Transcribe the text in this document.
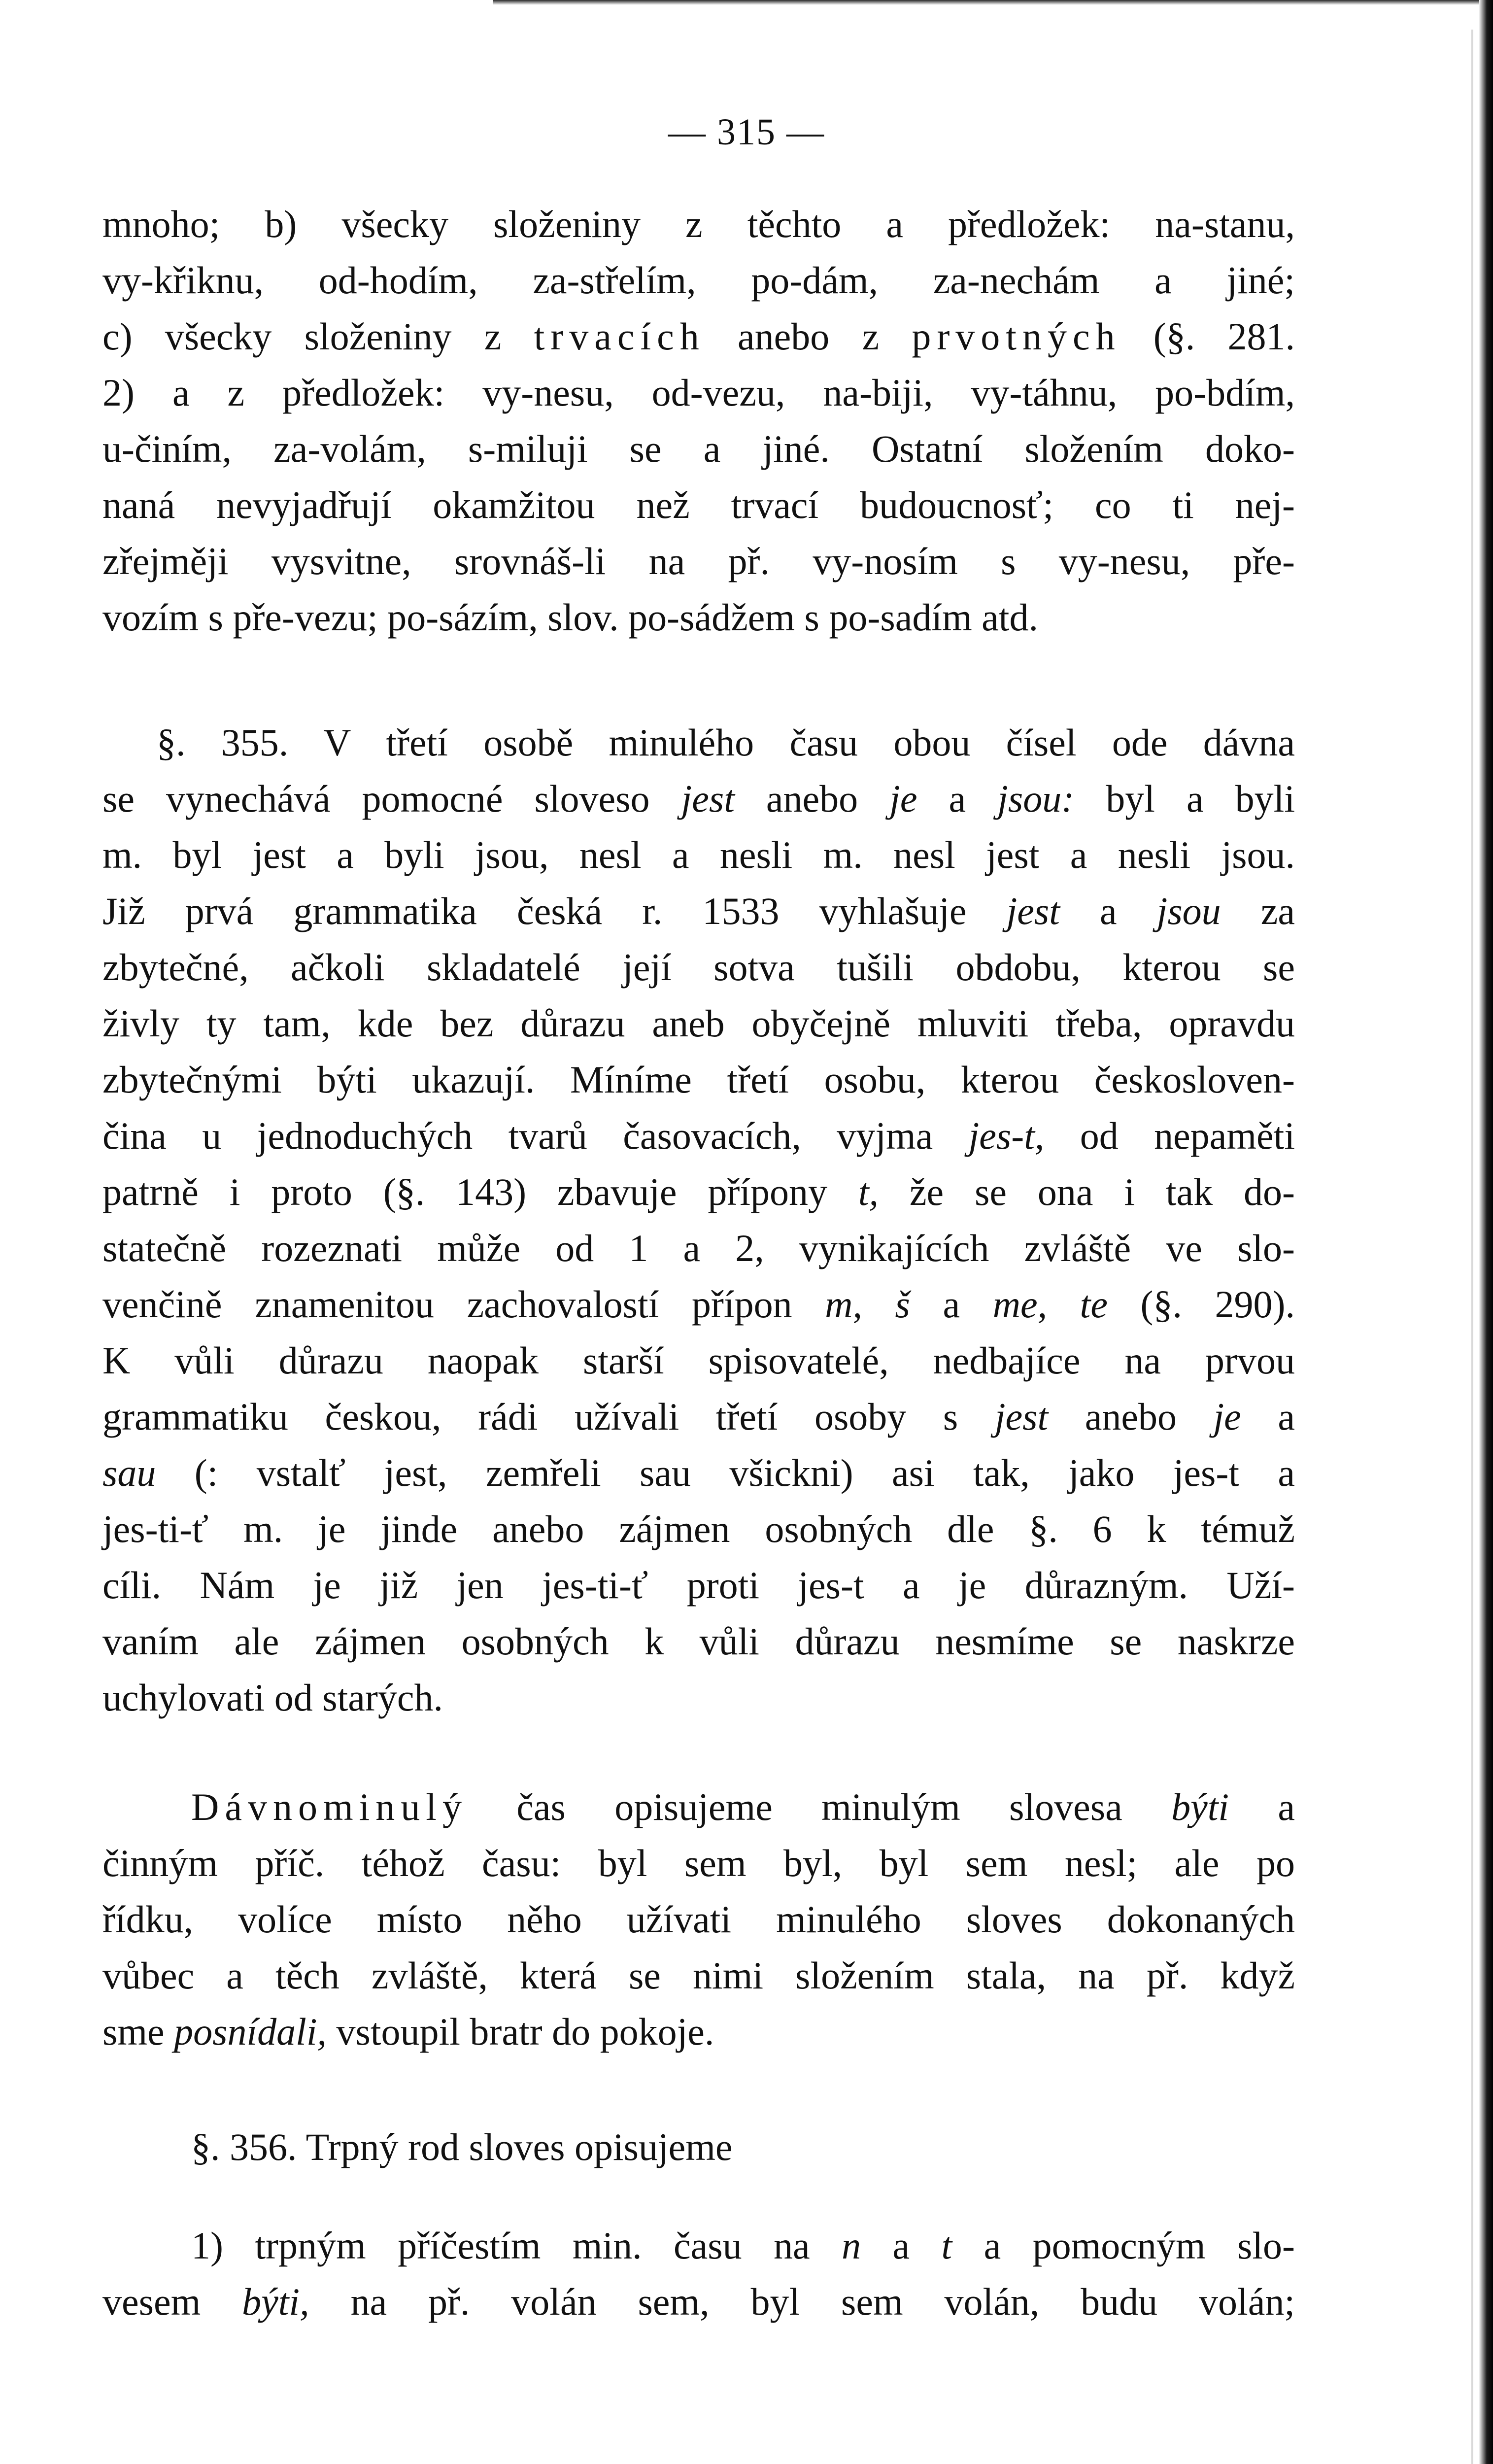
— 315 —
mnoho; b) všecky složeniny z těchto a předložek: na-stanu,
vy-křiknu, od-hodím, za-střelím, po-dám, za-nechám a jiné;
c) všecky složeniny z trvacích anebo z prvotných (§. 281.
2) a z předložek: vy-nesu, od-vezu, na-biji, vy-táhnu, po-bdím,
u-činím, za-volám, s-miluji se a jiné. Ostatní složením doko-
naná nevyjadřují okamžitou než trvací budoucnosť; co ti nej-
zřejměji vysvitne, srovnáš-li na př. vy-nosím s vy-nesu, pře-
vozím s pře-vezu; po-sázím, slov. po-sádžem s po-sadím atd.
§. 355. V třetí osobě minulého času obou čísel ode dávna
se vynechává pomocné sloveso jest anebo je a jsou: byl a byli
m. byl jest a byli jsou, nesl a nesli m. nesl jest a nesli jsou.
Již prvá grammatika česká r. 1533 vyhlašuje jest a jsou za
zbytečné, ačkoli skladatelé její sotva tušili obdobu, kterou se
živly ty tam, kde bez důrazu aneb obyčejně mluviti třeba, opravdu
zbytečnými býti ukazují. Míníme třetí osobu, kterou českosloven-
čina u jednoduchých tvarů časovacích, vyjma jes-t, od nepaměti
patrně i proto (§. 143) zbavuje přípony t, že se ona i tak do-
statečně rozeznati může od 1 a 2, vynikajících zvláště ve slo-
venčině znamenitou zachovalostí přípon m, š a me, te (§. 290).
K vůli důrazu naopak starší spisovatelé, nedbajíce na prvou
grammatiku českou, rádi užívali třetí osoby s jest anebo je a
sau (: vstalť jest, zemřeli sau všickni) asi tak, jako jes-t a
jes-ti-ť m. je jinde anebo zájmen osobných dle §. 6 k témuž
cíli. Nám je již jen jes-ti-ť proti jes-t a je důrazným. Uží-
vaním ale zájmen osobných k vůli důrazu nesmíme se naskrze
uchylovati od starých.
Dávnominulý čas opisujeme minulým slovesa býti a
činným příč. téhož času: byl sem byl, byl sem nesl; ale po
řídku, volíce místo něho užívati minulého sloves dokonaných
vůbec a těch zvláště, která se nimi složením stala, na př. když
sme posnídali, vstoupil bratr do pokoje.
§. 356. Trpný rod sloves opisujeme
1) trpným příčestím min. času na n a t a pomocným slo-
vesem býti, na př. volán sem, byl sem volán, budu volán;
